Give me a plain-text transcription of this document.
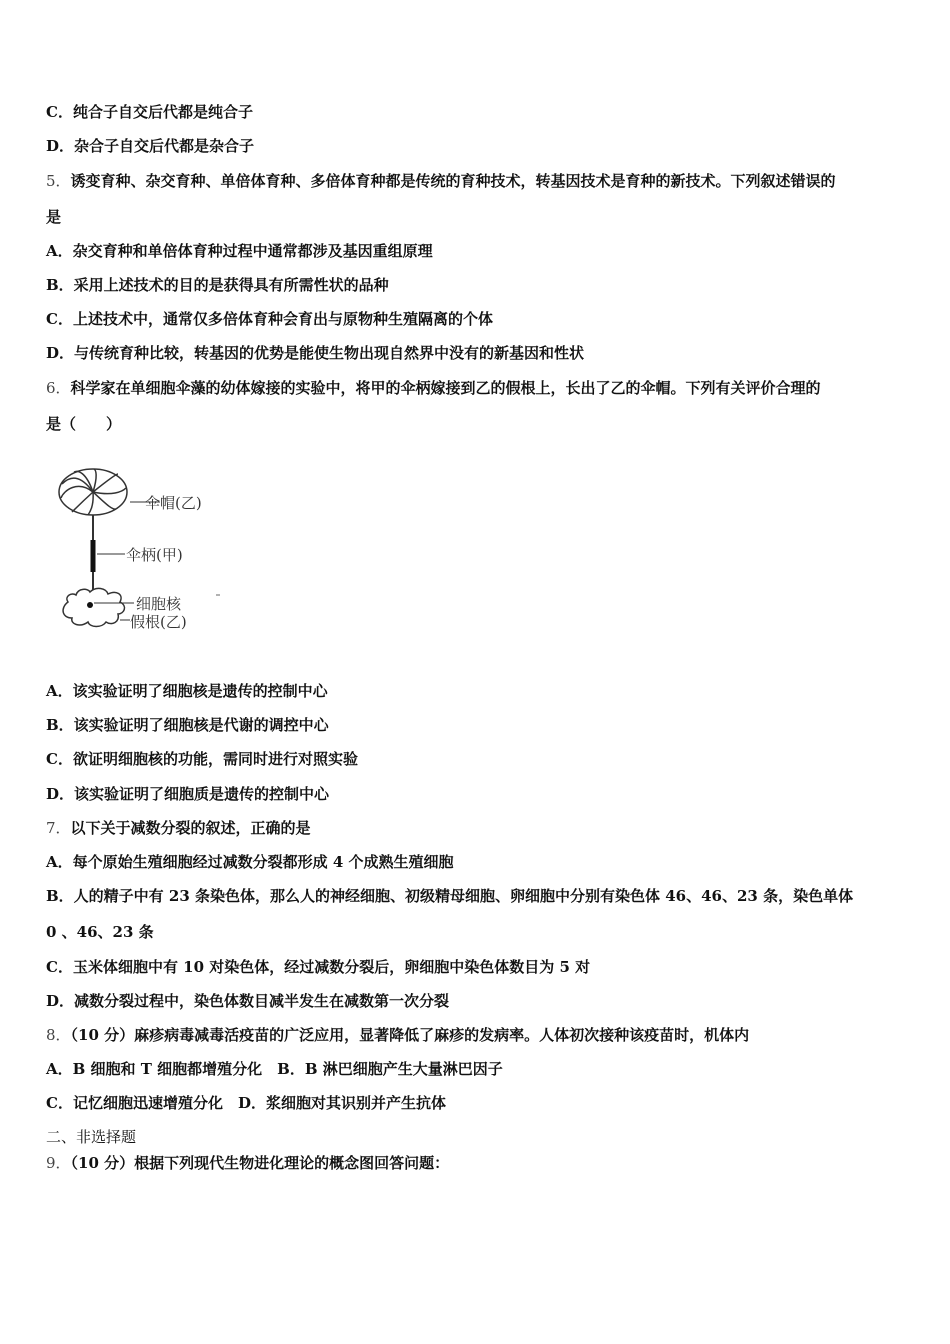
C．纯合子自交后代都是纯合子
D．杂合子自交后代都是杂合子
5．诱变育种、杂交育种、单倍体育种、多倍体育种都是传统的育种技术，转基因技术是育种的新技术。下列叙述错误的
是
A．杂交育种和单倍体育种过程中通常都涉及基因重组原理
B．采用上述技术的目的是获得具有所需性状的品种
C．上述技术中，通常仅多倍体育种会育出与原物种生殖隔离的个体
D．与传统育种比较，转基因的优势是能使生物出现自然界中没有的新基因和性状
6．科学家在单细胞伞藻的幼体嫁接的实验中，将甲的伞柄嫁接到乙的假根上，长出了乙的伞帽。下列有关评价合理的
是（　　）
伞帽(乙)
伞柄(甲)
细胞核
假根(乙)
A．该实验证明了细胞核是遗传的控制中心
B．该实验证明了细胞核是代谢的调控中心
C．欲证明细胞核的功能，需同时进行对照实验
D．该实验证明了细胞质是遗传的控制中心
7．以下关于减数分裂的叙述，正确的是
A．每个原始生殖细胞经过减数分裂都形成 4 个成熟生殖细胞
B．人的精子中有 23 条染色体，那么人的神经细胞、初级精母细胞、卵细胞中分别有染色体 46、46、23 条，染色单体
0 、46、23 条
C．玉米体细胞中有 10 对染色体，经过减数分裂后，卵细胞中染色体数目为 5 对
D．减数分裂过程中，染色体数目减半发生在减数第一次分裂
8．（10 分）麻疹病毒减毒活疫苗的广泛应用，显著降低了麻疹的发病率。人体初次接种该疫苗时，机体内
A．B 细胞和 T 细胞都增殖分化　B．B 淋巴细胞产生大量淋巴因子
C．记忆细胞迅速增殖分化　D．浆细胞对其识别并产生抗体
二、非选择题
9．（10 分）根据下列现代生物进化理论的概念图回答问题：
